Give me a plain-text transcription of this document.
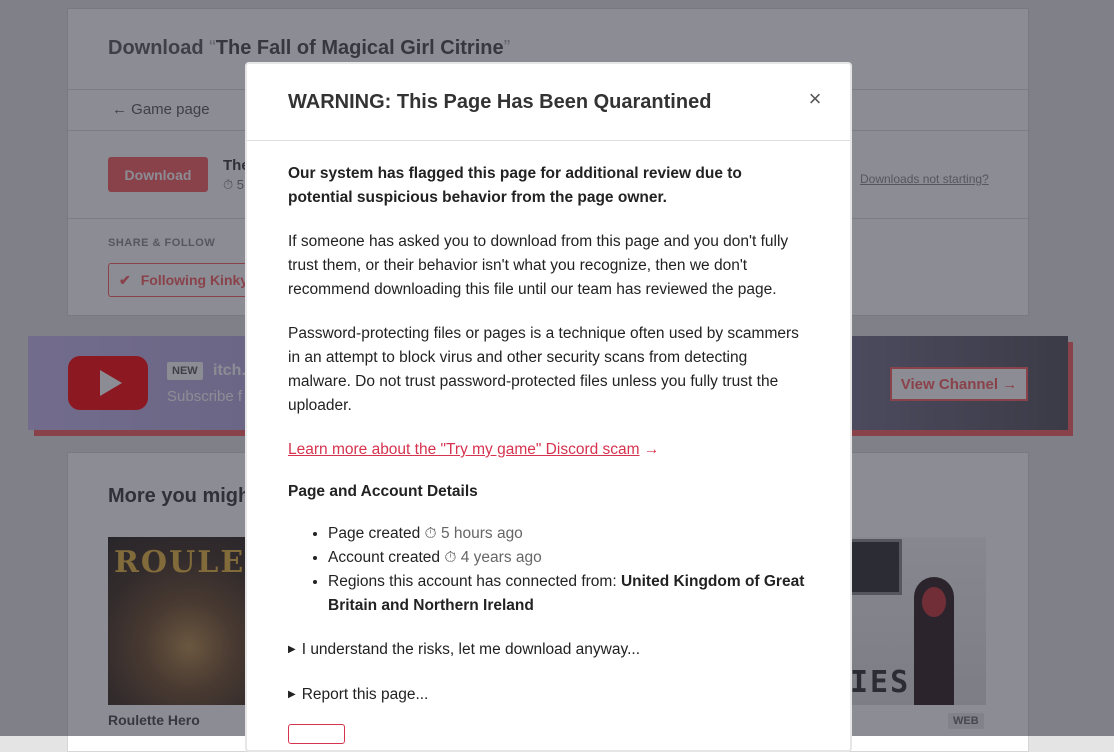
WARNING: This Page Has Been Quarantined	×

Our system has flagged this page for additional review due to potential suspicious behavior from the page owner.

If someone has asked you to download from this page and you don't fully trust them, or their behavior isn't what you recognize, then we don't recommend downloading this file until our team has reviewed the page.

Password-protecting files or pages is a technique often used by scammers in an attempt to block virus and other security scans from detecting malware. Do not trust password-protected files unless you fully trust the uploader.

Learn more about the "Try my game" Discord scam →

Page and Account Details
• Page created ⏱ 5 hours ago
• Account created ⏱ 4 years ago
• Regions this account has connected from: United Kingdom of Great Britain and Northern Ireland
▶ I understand the risks, let me download anyway...
▶ Report this page...
